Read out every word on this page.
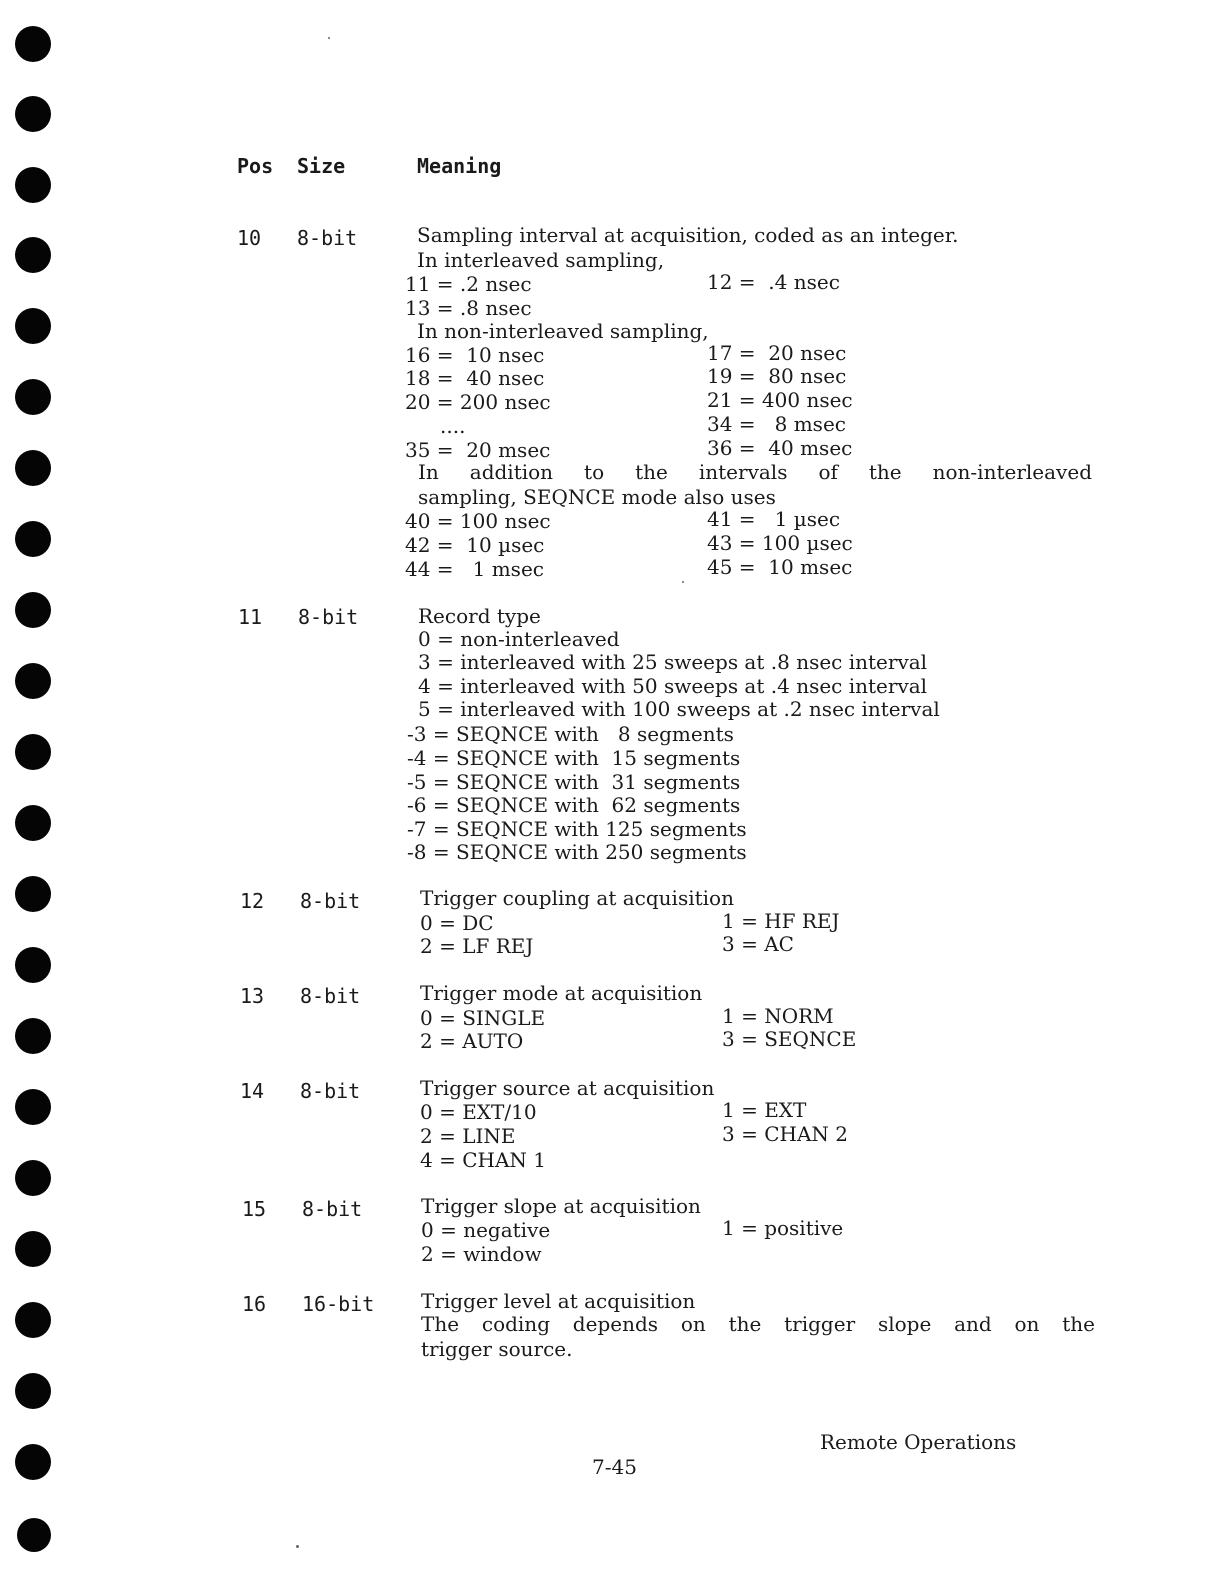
Pos Size	Meaning
10 8-bit	Sampling interval at acquisition, coded as an integer.
In interleaved sampling,
11 = .2 nsec	12 =  .4 nsec
13 = .8 nsec
In non-interleaved sampling,
16 =  10 nsec	17 =  20 nsec
18 =  40 nsec	19 =  80 nsec
20 = 200 nsec	21 = 400 nsec
....	34 =   8 msec
35 =  20 msec	36 =  40 msec
In addition to the intervals of the non-interleaved
sampling, SEQNCE mode also uses
40 = 100 nsec	41 =   1 µsec
42 =  10 µsec	43 = 100 µsec
44 =   1 msec	45 =  10 msec
11 8-bit	Record type
0 = non-interleaved
3 = interleaved with 25 sweeps at .8 nsec interval
4 = interleaved with 50 sweeps at .4 nsec interval
5 = interleaved with 100 sweeps at .2 nsec interval
-3 = SEQNCE with   8 segments
-4 = SEQNCE with  15 segments
-5 = SEQNCE with  31 segments
-6 = SEQNCE with  62 segments
-7 = SEQNCE with 125 segments
-8 = SEQNCE with 250 segments
12 8-bit	Trigger coupling at acquisition
0 = DC	1 = HF REJ
2 = LF REJ	3 = AC
13 8-bit	Trigger mode at acquisition
0 = SINGLE	1 = NORM
2 = AUTO	3 = SEQNCE
14 8-bit	Trigger source at acquisition
0 = EXT/10	1 = EXT
2 = LINE	3 = CHAN 2
4 = CHAN 1
15 8-bit	Trigger slope at acquisition
0 = negative	1 = positive
2 = window
16 16-bit Trigger level at acquisition
The coding depends on the trigger slope and on the
trigger source.
Remote Operations
7-45
